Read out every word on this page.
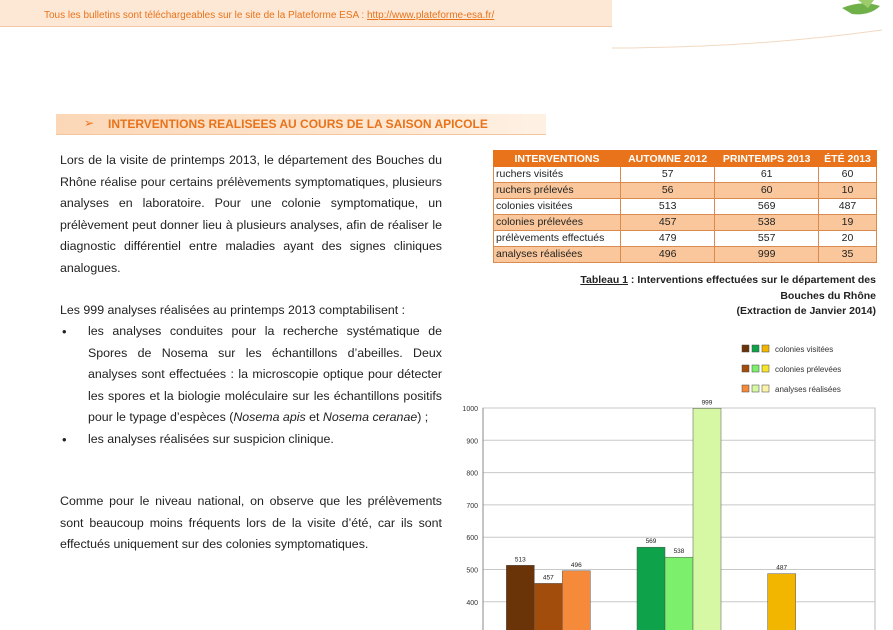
Tous les bulletins sont téléchargeables sur le site de la Plateforme ESA : http://www.plateforme-esa.fr/
➢ INTERVENTIONS REALISEES AU COURS DE LA SAISON APICOLE
Lors de la visite de printemps 2013, le département des Bouches du Rhône réalise pour certains prélèvements symptomatiques, plusieurs analyses en laboratoire. Pour une colonie symptomatique, un prélèvement peut donner lieu à plusieurs analyses, afin de réaliser le diagnostic différentiel entre maladies ayant des signes cliniques analogues.
Les 999 analyses réalisées au printemps 2013 comptabilisent :
• les analyses conduites pour la recherche systématique de Spores de Nosema sur les échantillons d’abeilles. Deux analyses sont effectuées : la microscopie optique pour détecter les spores et la biologie moléculaire sur les échantillons positifs pour le typage d’espèces (Nosema apis et Nosema ceranae) ;
• les analyses réalisées sur suspicion clinique.
Comme pour le niveau national, on observe que les prélèvements sont beaucoup moins fréquents lors de la visite d’été, car ils sont effectués uniquement sur des colonies symptomatiques.
INTERVENTIONS	AUTOMNE 2012	PRINTEMPS 2013	ÉTÉ 2013
ruchers visités	57	61	60
ruchers prélevés	56	60	10
colonies visitées	513	569	487
colonies prélevées	457	538	19
prélèvements effectués	479	557	20
analyses réalisées	496	999	35
Tableau 1 : Interventions effectuées sur le département des
Bouches du Rhône
(Extraction de Janvier 2014)
400
500
600
700
800
900
1000
513
457
496
569
538
999
487
colonies visitées
colonies prélevées
analyses réalisées
